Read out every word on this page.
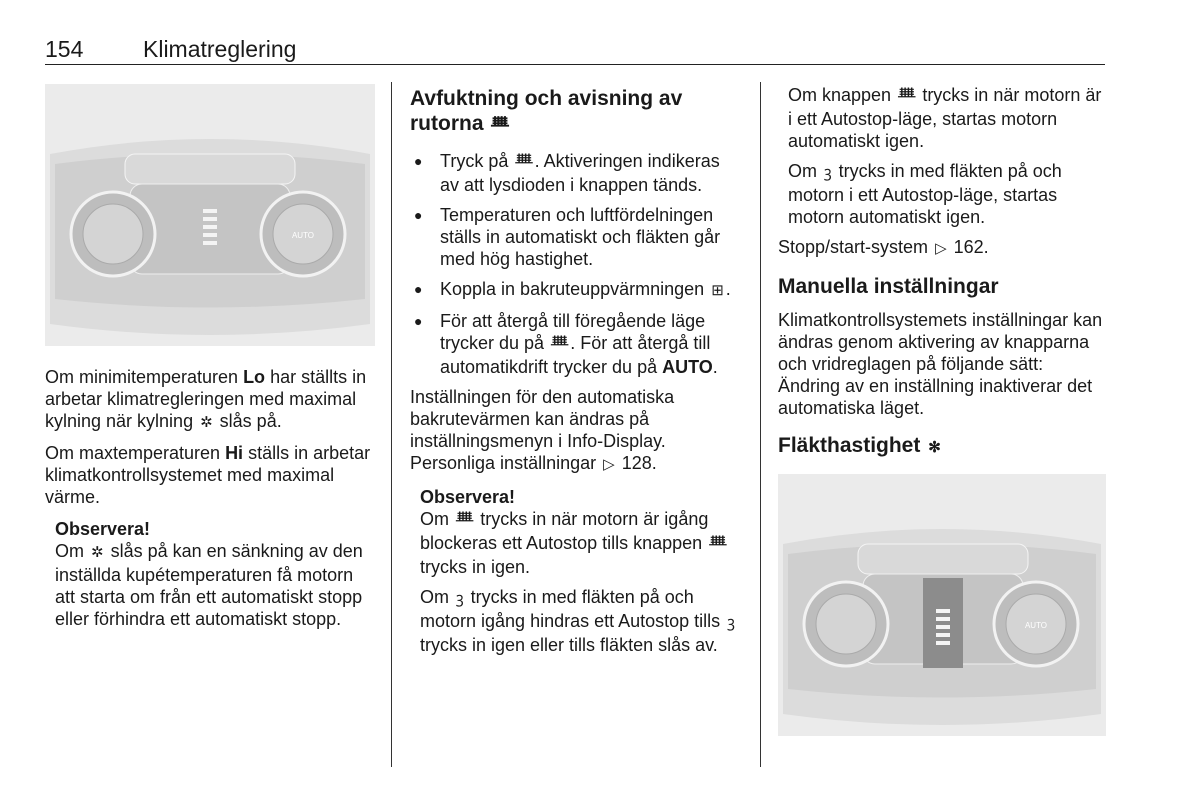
154	Klimatreglering
AUTO

Om minimitemperaturen Lo har ställts in arbetar klimatregleringen med maximal kylning när kylning ✲ slås på.

Om maxtemperaturen Hi ställs in arbetar klimatkontrollsystemet med maximal värme.

Observera!
Om ✲ slås på kan en sänkning av den inställda kupétemperaturen få motorn att starta om från ett automatiskt stopp eller förhindra ett automatiskt stopp.
Avfuktning och avisning av rutorna ᚙ
● Tryck på ᚙ . Aktiveringen indikeras av att lysdioden i knappen tänds.
● Temperaturen och luftfördelningen ställs in automatiskt och fläkten går med hög hastighet.
● Koppla in bakruteuppvärmningen ⊞ .
● För att återgå till föregående läge trycker du på ᚙ . För att återgå till automatikdrift trycker du på AUTO.

Inställningen för den automatiska bakrutevärmen kan ändras på inställningsmenyn i Info-Display. Personliga inställningar ▷ 128.

Observera!

Om ᚙ trycks in när motorn är igång blockeras ett Autostop tills knappen ᚙ trycks in igen.

Om ꝫ trycks in med fläkten på och motorn igång hindras ett Autostop tills ꝫ trycks in igen eller tills fläkten slås av.

Om knappen ᚙ trycks in när motorn är i ett Autostop-läge, startas motorn automatiskt igen.

Om ꝫ trycks in med fläkten på och motorn i ett Autostop-läge, startas motorn automatiskt igen.

Stopp/start-system ▷ 162.

Manuella inställningar

Klimatkontrollsystemets inställningar kan ändras genom aktivering av knapparna och vridreglagen på följande sätt: Ändring av en inställning inaktiverar det automatiska läget.

Fläkthastighet ✻
AUTO
